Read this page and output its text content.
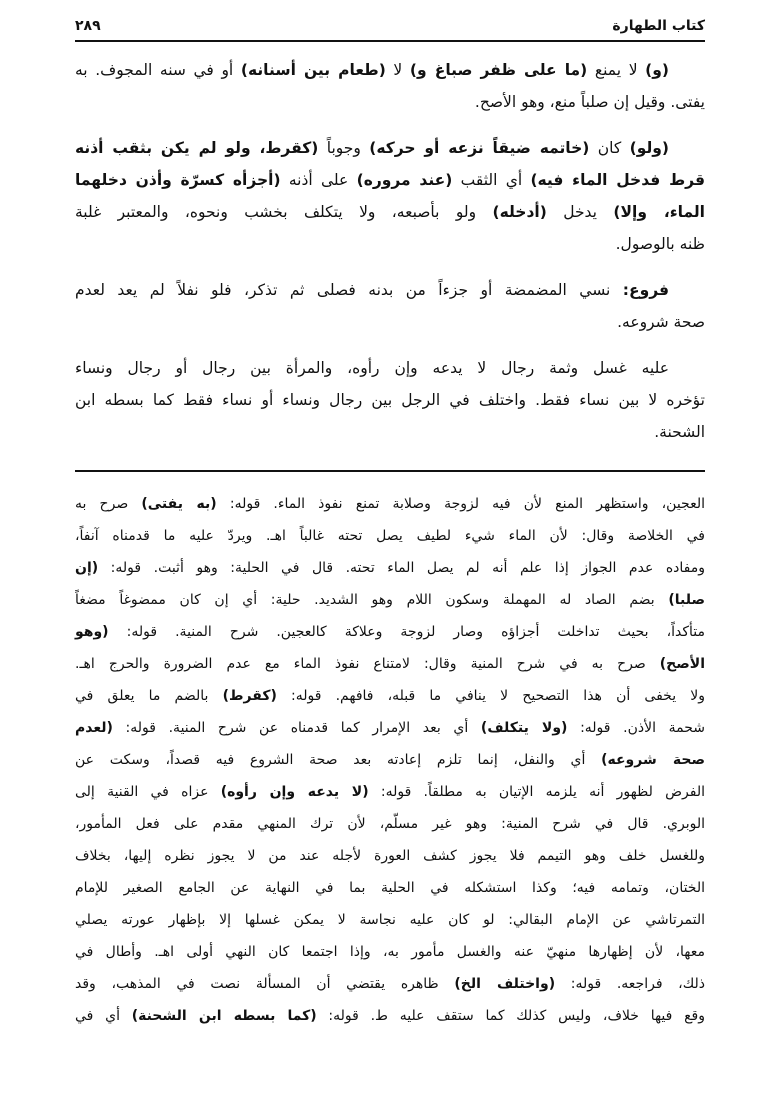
كتاب الطهارة
٢٨٩
(و) لا يمنع (ما على ظفر صباغ و) لا (طعام بين أسنانه) أو في سنه المجوف. به
يفتى. وقيل إن صلباً منع، وهو الأصح.
(ولو) كان (خاتمه ضيقاً نزعه أو حركه) وجوباً (كقرط، ولو لم يكن بثقب أذنه
قرط فدخل الماء فيه) أي الثقب (عند مروره) على أذنه (أجزأه كسرّة وأذن دخلهما
الماء، وإلا) يدخل (أدخله) ولو بأصبعه، ولا يتكلف بخشب ونحوه، والمعتبر غلبة
ظنه بالوصول.
فروع: نسي المضمضة أو جزءاً من بدنه فصلى ثم تذكر، فلو نفلاً لم يعد لعدم
صحة شروعه.
عليه غسل وثمة رجال لا يدعه وإن رأوه، والمرأة بين رجال أو رجال ونساء
تؤخره لا بين نساء فقط. واختلف في الرجل بين رجال ونساء أو نساء فقط كما بسطه ابن
الشحنة.
العجين، واستظهر المنع لأن فيه لزوجة وصلابة تمنع نفوذ الماء. قوله: (به يفتى) صرح به
في الخلاصة وقال: لأن الماء شيء لطيف يصل تحته غالباً اهـ. ويردّ عليه ما قدمناه آنفاً،
ومفاده عدم الجواز إذا علم أنه لم يصل الماء تحته. قال في الحلية: وهو أثبت. قوله: (إن
صلبا) بضم الصاد له المهملة وسكون اللام وهو الشديد. حلية: أي إن كان ممضوغاً مضغاً
متأكداً، بحيث تداخلت أجزاؤه وصار لزوجة وعلاكة كالعجين. شرح المنية. قوله: (وهو
الأصح) صرح به في شرح المنية وقال: لامتناع نفوذ الماء مع عدم الضرورة والحرج اهـ.
ولا يخفى أن هذا التصحيح لا ينافي ما قبله، فافهم. قوله: (كقرط) بالضم ما يعلق في
شحمة الأذن. قوله: (ولا يتكلف) أي بعد الإمرار كما قدمناه عن شرح المنية. قوله: (لعدم
صحة شروعه) أي والنفل، إنما تلزم إعادته بعد صحة الشروع فيه قصداً، وسكت عن
الفرض لظهور أنه يلزمه الإتيان به مطلقاً. قوله: (لا يدعه وإن رأوه) عزاه في القنية إلى
الوبري. قال في شرح المنية: وهو غير مسلّم، لأن ترك المنهي مقدم على فعل المأمور،
وللغسل خلف وهو التيمم فلا يجوز كشف العورة لأجله عند من لا يجوز نظره إليها، بخلاف
الختان، وتمامه فيه؛ وكذا استشكله في الحلية بما في النهاية عن الجامع الصغير للإمام
التمرتاشي عن الإمام البقالي: لو كان عليه نجاسة لا يمكن غسلها إلا بإظهار عورته يصلي
معها، لأن إظهارها منهيّ عنه والغسل مأمور به، وإذا اجتمعا كان النهي أولى اهـ. وأطال في
ذلك، فراجعه. قوله: (واختلف الخ) ظاهره يقتضي أن المسألة نصت في المذهب، وقد
وقع فيها خلاف، وليس كذلك كما ستقف عليه ط. قوله: (كما بسطه ابن الشحنة) أي في
